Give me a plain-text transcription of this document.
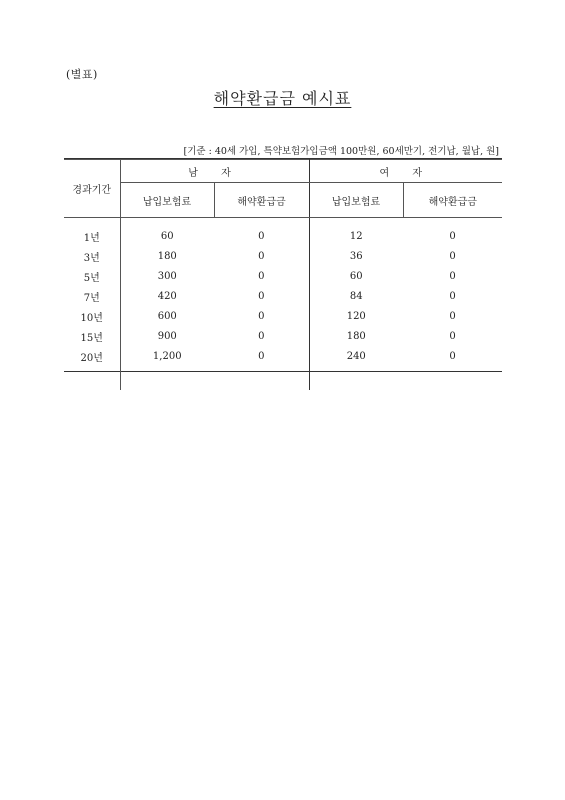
(별표)
해약환급금 예시표
[기준 : 40세 가입, 특약보험가입금액 100만원, 60세만기, 전기납, 월납, 원]
경과기간	남 자		여 자	
	납입보험료	해약환급금	납입보험료	해약환급금

1년	60	0	12	0
3년	180	0	36	0
5년	300	0	60	0
7년	420	0	84	0
10년	600	0	120	0
15년	900	0	180	0
20년	1,200	0	240	0
